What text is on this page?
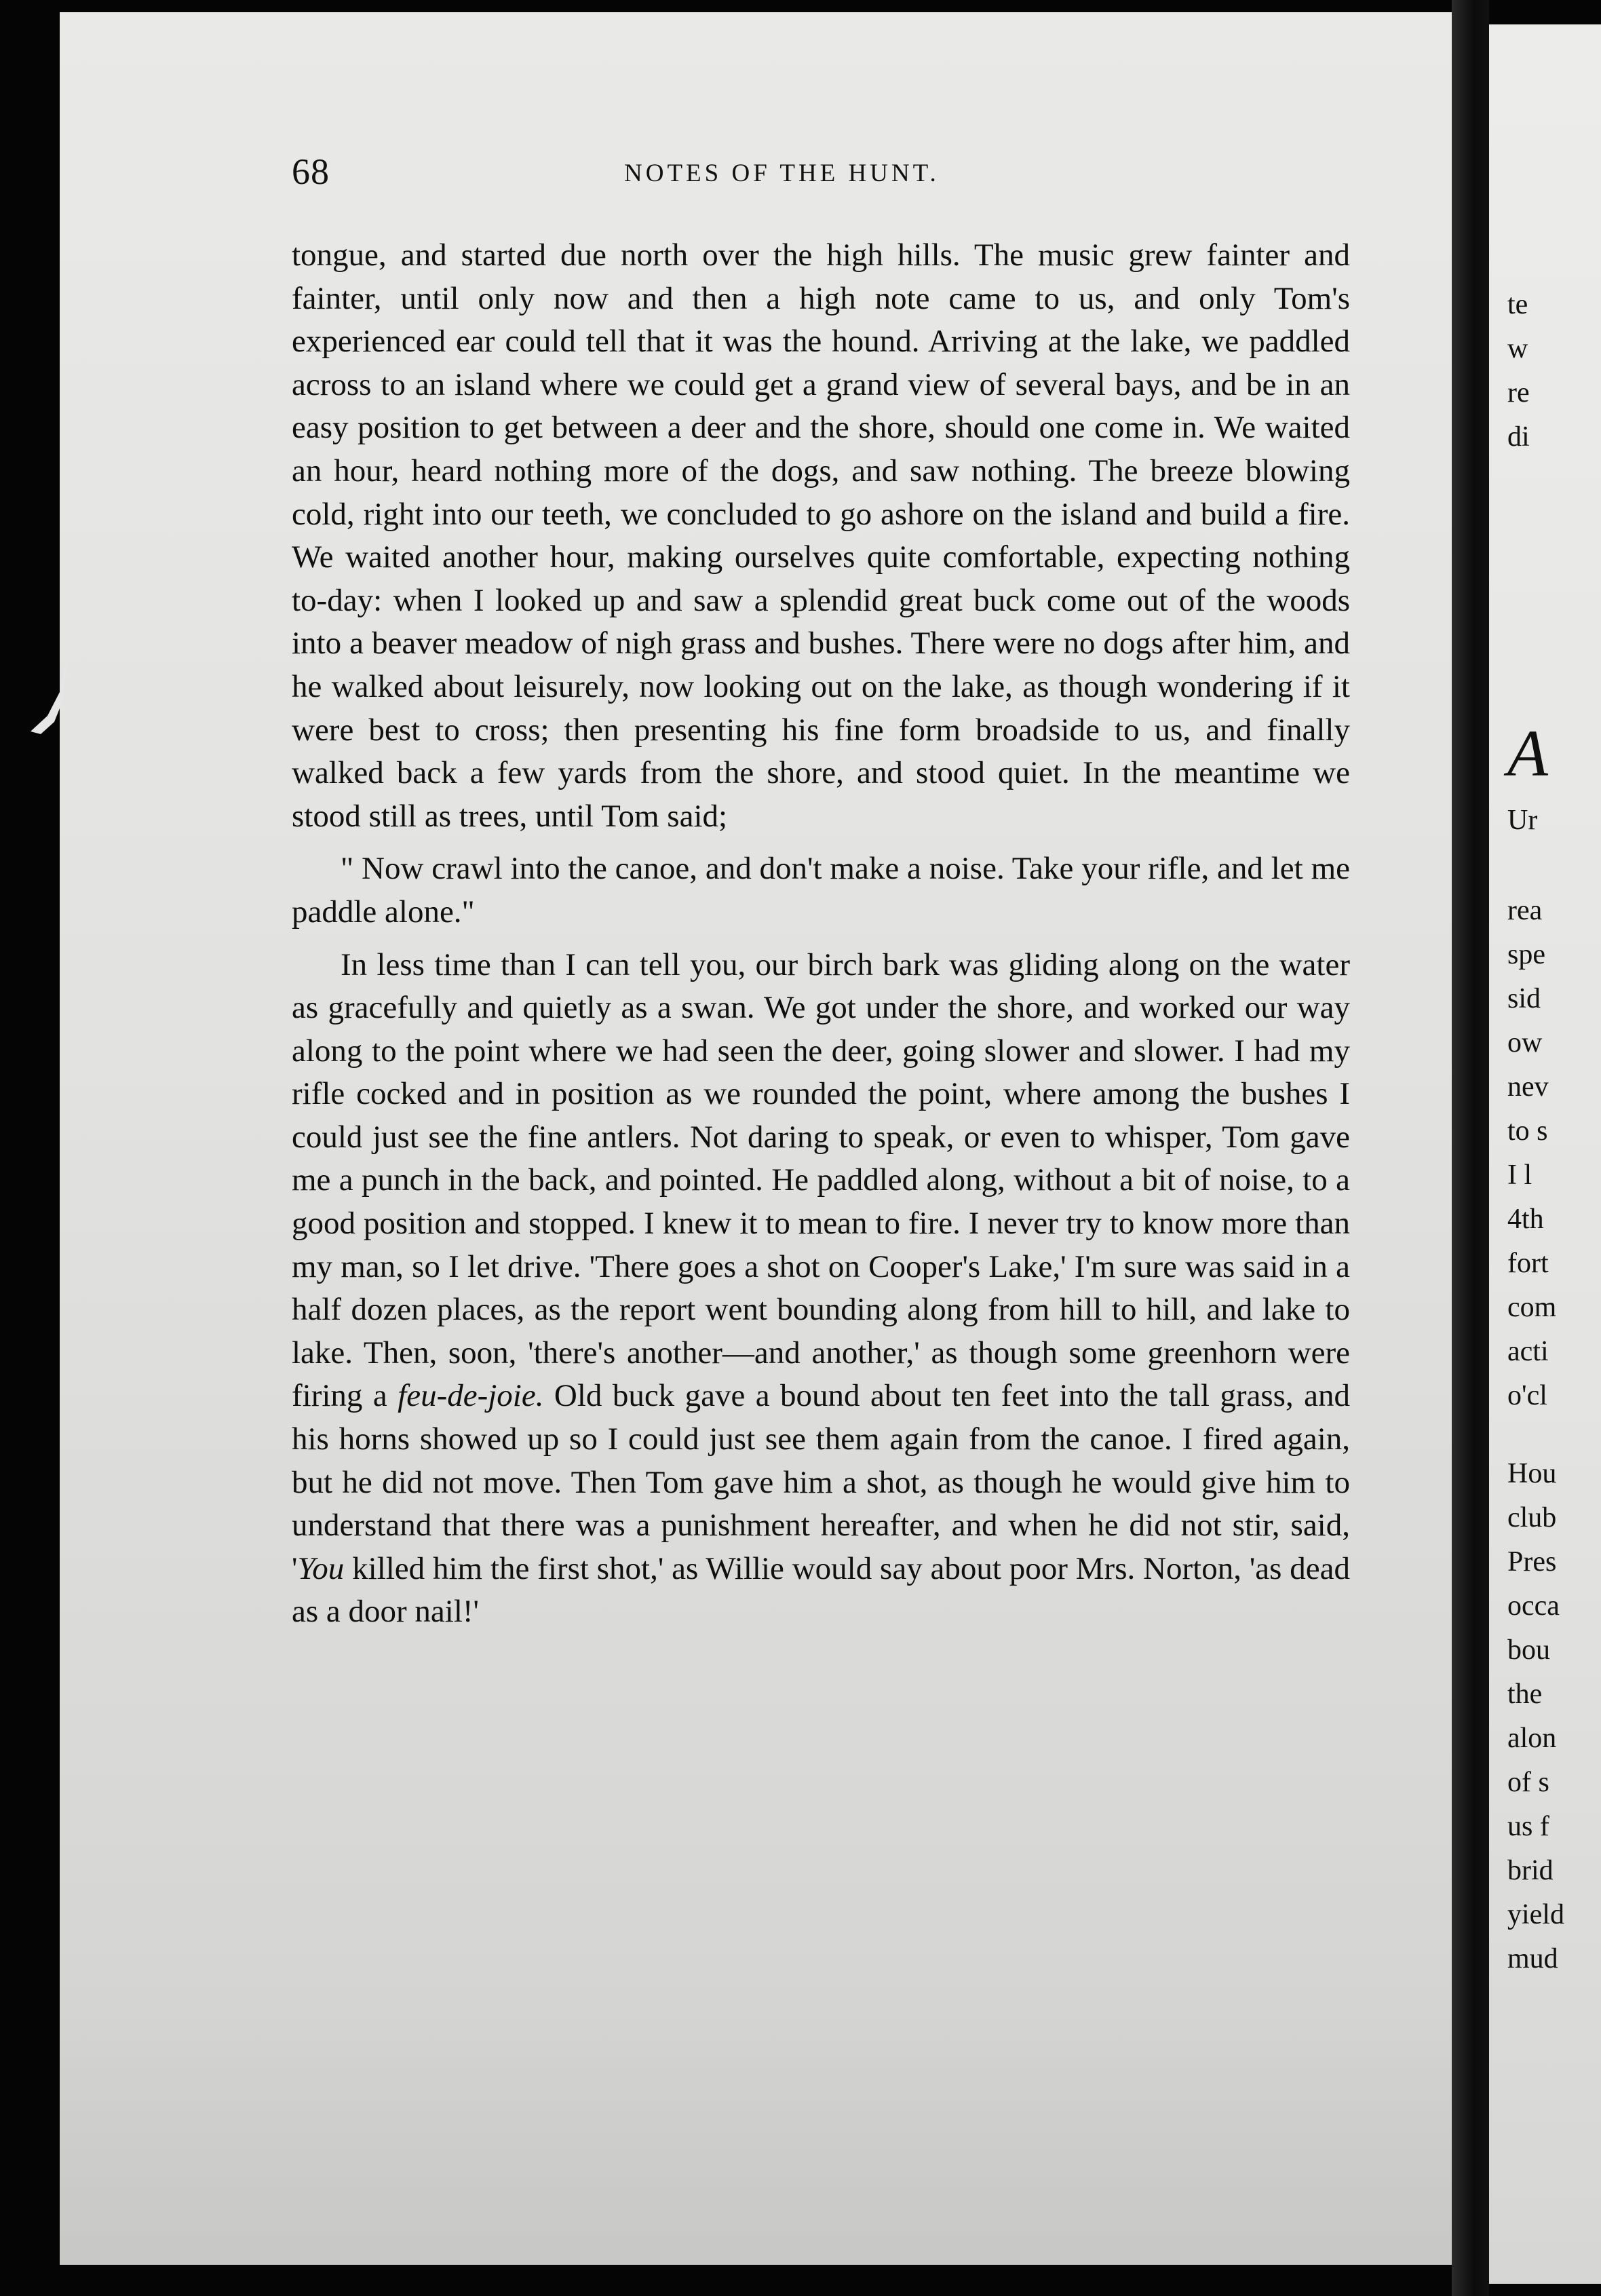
68	NOTES OF THE HUNT.

tongue, and started due north over the high hills. The music grew fainter and fainter, until only now and then a high note came to us, and only Tom's experienced ear could tell that it was the hound. Arriving at the lake, we paddled across to an island where we could get a grand view of several bays, and be in an easy position to get between a deer and the shore, should one come in. We waited an hour, heard nothing more of the dogs, and saw nothing. The breeze blowing cold, right into our teeth, we concluded to go ashore on the island and build a fire. We waited another hour, making ourselves quite comfortable, expecting nothing to-day: when I looked up and saw a splendid great buck come out of the woods into a beaver meadow of nigh grass and bushes. There were no dogs after him, and he walked about leisurely, now looking out on the lake, as though wondering if it were best to cross; then presenting his fine form broadside to us, and finally walked back a few yards from the shore, and stood quiet. In the meantime we stood still as trees, until Tom said;

" Now crawl into the canoe, and don't make a noise. Take your rifle, and let me paddle alone."

In less time than I can tell you, our birch bark was gliding along on the water as gracefully and quietly as a swan. We got under the shore, and worked our way along to the point where we had seen the deer, going slower and slower. I had my rifle cocked and in position as we rounded the point, where among the bushes I could just see the fine antlers. Not daring to speak, or even to whisper, Tom gave me a punch in the back, and pointed. He paddled along, without a bit of noise, to a good position and stopped. I knew it to mean to fire. I never try to know more than my man, so I let drive. 'There goes a shot on Cooper's Lake,' I'm sure was said in a half dozen places, as the report went bounding along from hill to hill, and lake to lake. Then, soon, 'there's another—and another,' as though some greenhorn were firing a feu-de-joie. Old buck gave a bound about ten feet into the tall grass, and his horns showed up so I could just see them again from the canoe. I fired again, but he did not move. Then Tom gave him a shot, as though he would give him to understand that there was a punishment hereafter, and when he did not stir, said, 'You killed him the first shot,' as Willie would say about poor Mrs. Norton, 'as dead as a door nail!'

te
w
re
di
A
Ur
rea
spe
sid
ow
nev
to s
I l
4th
fort
com
acti
o'cl
Hou
club
Pres
occa
bou
the
alon
of s
us f
brid
yield
mud
